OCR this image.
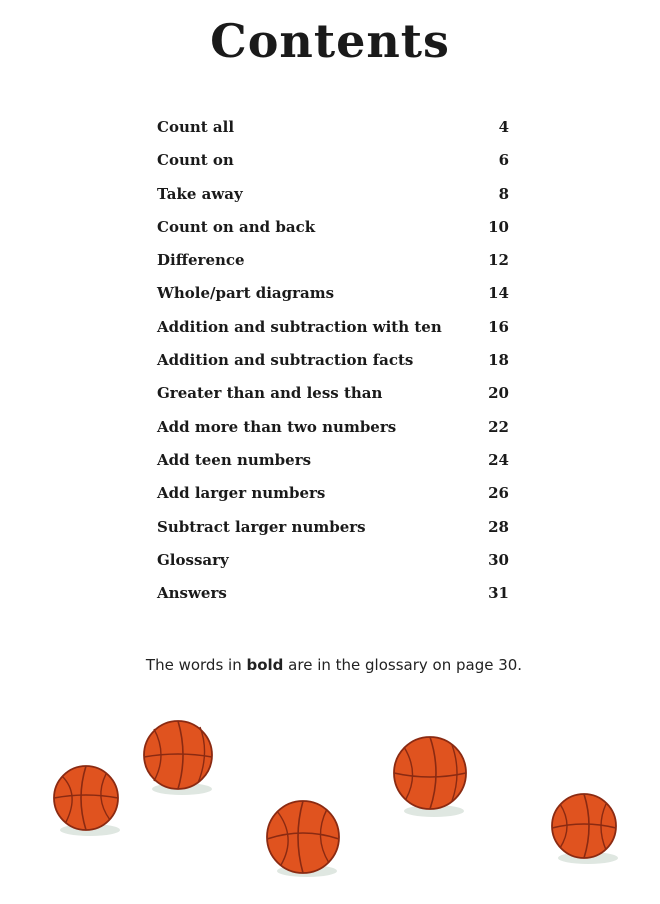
Contents
Count all	4
Count on	6
Take away	8
Count on and back	10
Difference	12
Whole/part diagrams	14
Addition and subtraction with ten	16
Addition and subtraction facts	18
Greater than and less than	20
Add more than two numbers	22
Add teen numbers	24
Add larger numbers	26
Subtract larger numbers	28
Glossary	30
Answers	31
The words in bold are in the glossary on page 30.
